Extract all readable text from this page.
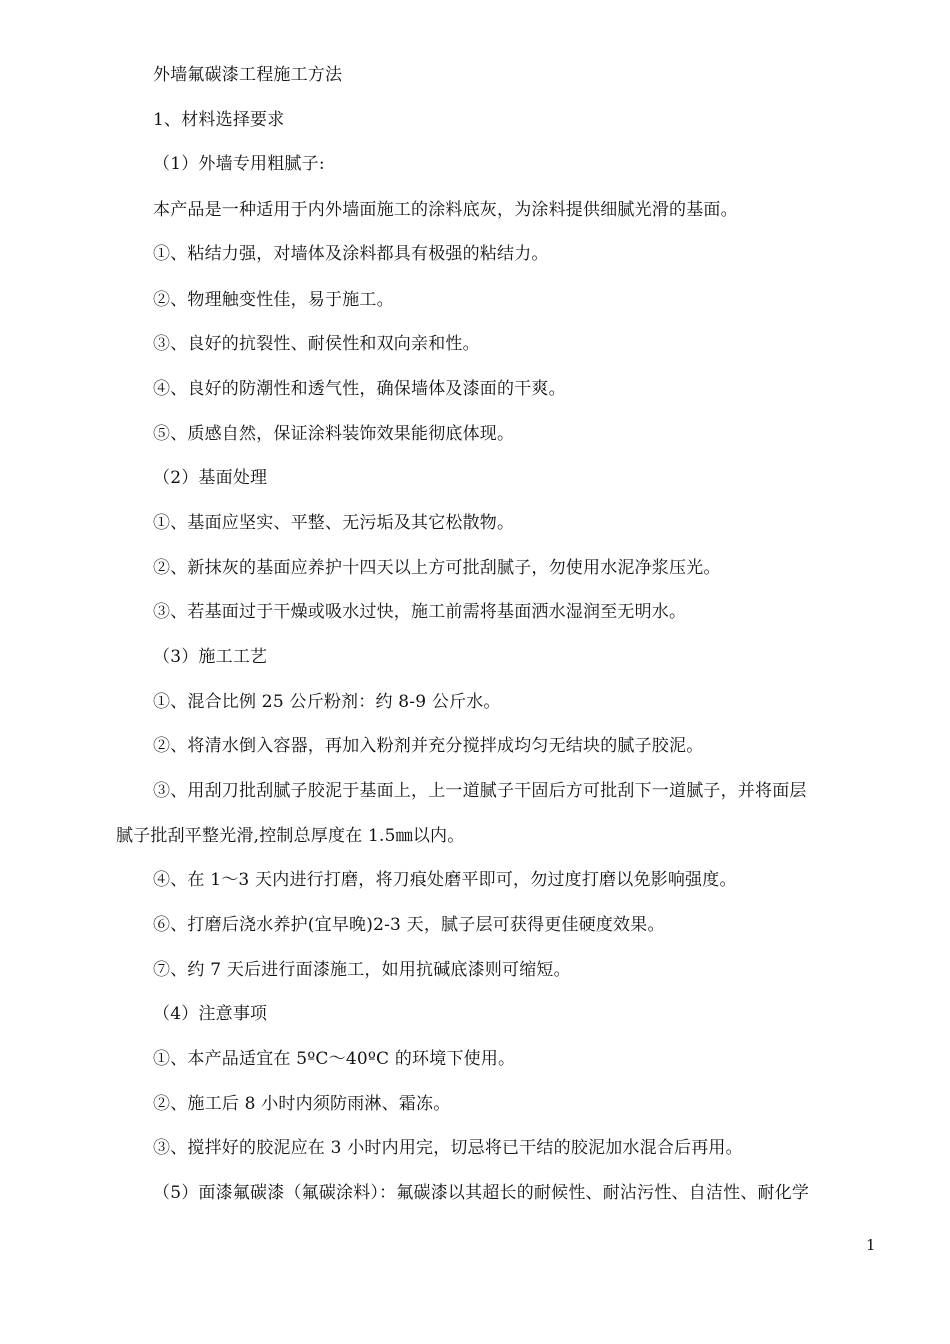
外墙氟碳漆工程施工方法
1、材料选择要求
（1）外墙专用粗腻子:
本产品是一种适用于内外墙面施工的涂料底灰，为涂料提供细腻光滑的基面。
①、粘结力强，对墙体及涂料都具有极强的粘结力。
②、物理触变性佳，易于施工。
③、良好的抗裂性、耐侯性和双向亲和性。
④、良好的防潮性和透气性，确保墙体及漆面的干爽。
⑤、质感自然，保证涂料装饰效果能彻底体现。
（2）基面处理
①、基面应坚实、平整、无污垢及其它松散物。
②、新抹灰的基面应养护十四天以上方可批刮腻子，勿使用水泥净浆压光。
③、若基面过于干燥或吸水过快，施工前需将基面洒水湿润至无明水。
（3）施工工艺
①、混合比例 25 公斤粉剂：约 8-9 公斤水。
②、将清水倒入容器，再加入粉剂并充分搅拌成均匀无结块的腻子胶泥。
③、用刮刀批刮腻子胶泥于基面上，上一道腻子干固后方可批刮下一道腻子，并将面层
腻子批刮平整光滑,控制总厚度在 1.5㎜以内。
④、在 1～3 天内进行打磨，将刀痕处磨平即可，勿过度打磨以免影响强度。
⑥、打磨后浇水养护(宜早晚)2-3 天，腻子层可获得更佳硬度效果。
⑦、约 7 天后进行面漆施工，如用抗碱底漆则可缩短。
（4）注意事项
①、本产品适宜在 5ºC～40ºC 的环境下使用。
②、施工后 8 小时内须防雨淋、霜冻。
③、搅拌好的胶泥应在 3 小时内用完，切忌将已干结的胶泥加水混合后再用。
（5）面漆氟碳漆（氟碳涂料）：氟碳漆以其超长的耐候性、耐沾污性、自洁性、耐化学
1
